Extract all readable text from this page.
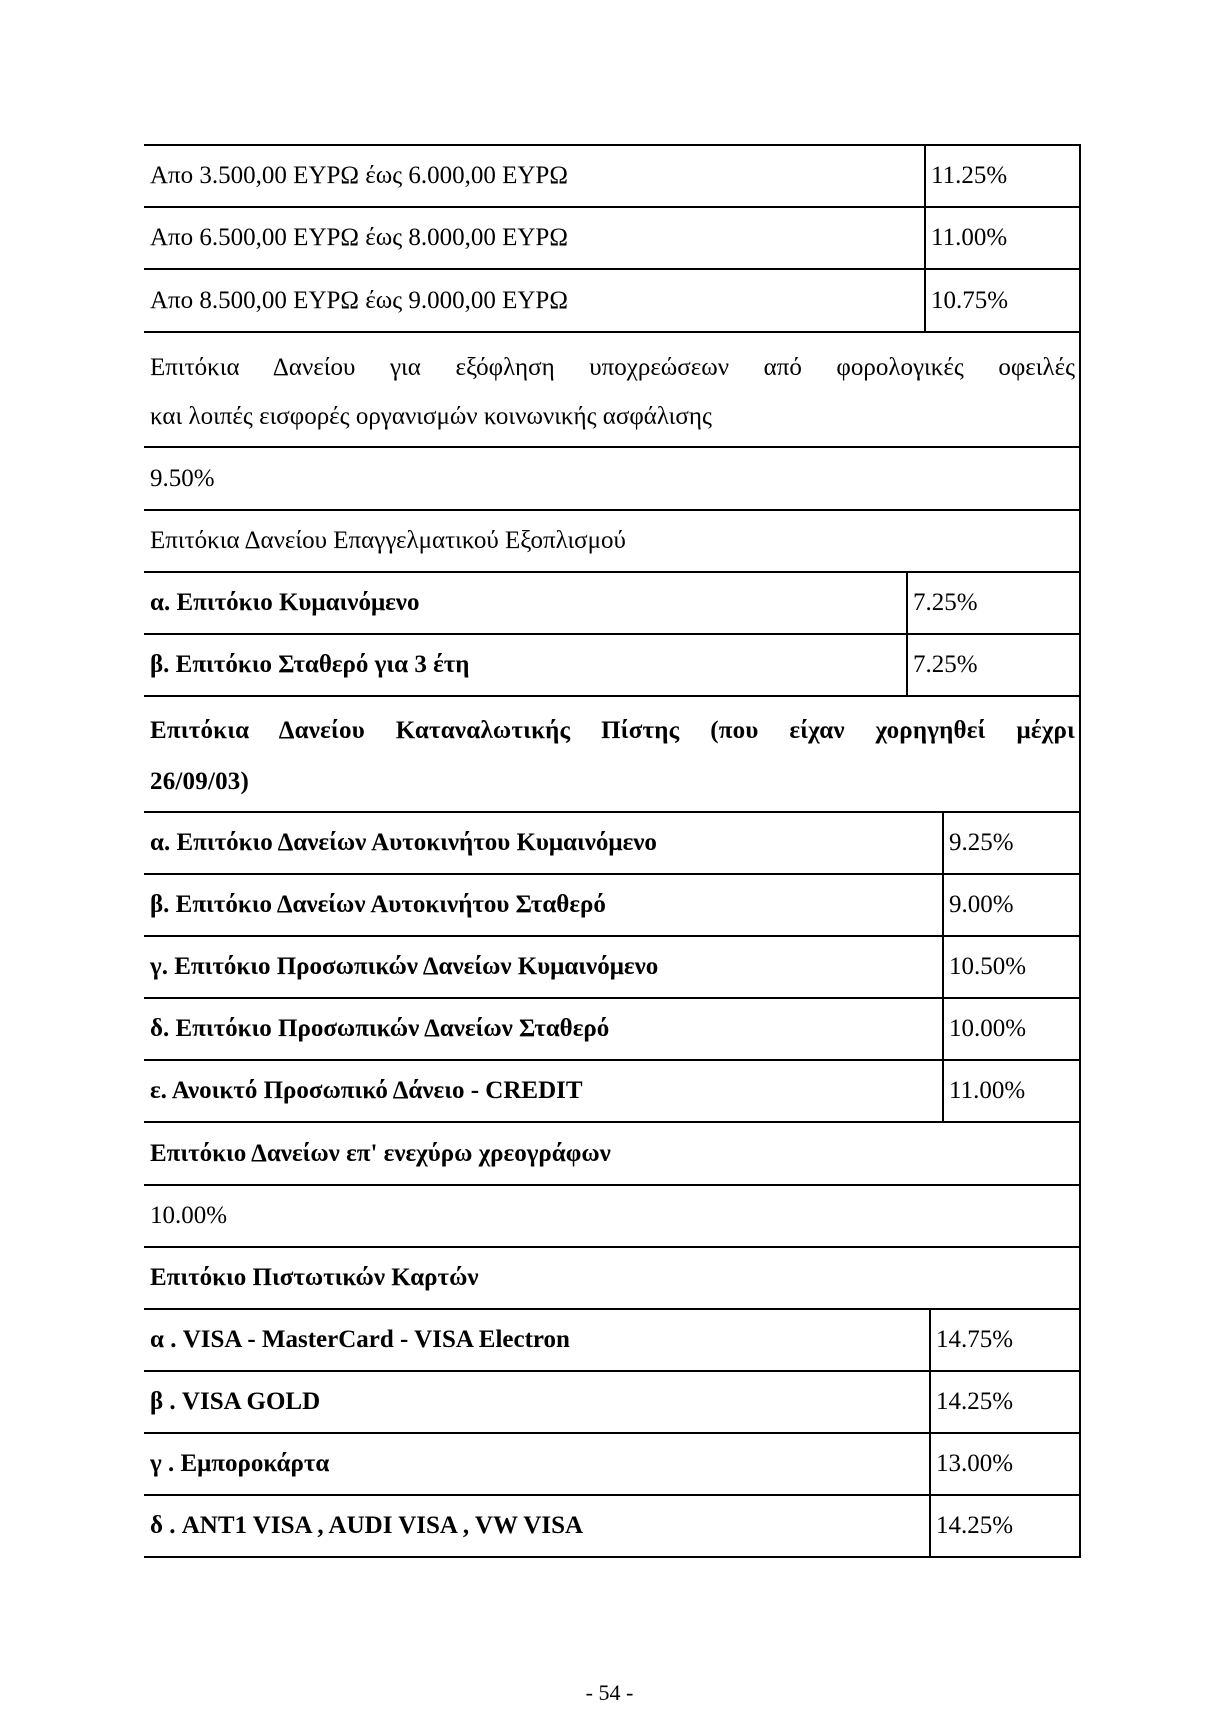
Απο 3.500,00 ΕΥΡΩ έως 6.000,00 ΕΥΡΩ	11.25%
Απο 6.500,00 ΕΥΡΩ έως 8.000,00 ΕΥΡΩ	11.00%
Απο 8.500,00 ΕΥΡΩ έως 9.000,00 ΕΥΡΩ	10.75%
Επιτόκια Δανείου για εξόφληση υποχρεώσεων από φορολογικές οφειλές
και λοιπές εισφορές οργανισμών κοινωνικής ασφάλισης
9.50%
Επιτόκια Δανείου Επαγγελματικού Εξοπλισμού
α. Επιτόκιο Κυμαινόμενο	7.25%
β. Επιτόκιο Σταθερό για 3 έτη	7.25%
Επιτόκια Δανείου Καταναλωτικής Πίστης (που είχαν χορηγηθεί μέχρι
26/09/03)
α. Επιτόκιο Δανείων Αυτοκινήτου Κυμαινόμενο	9.25%
β. Επιτόκιο Δανείων Αυτοκινήτου Σταθερό	9.00%
γ. Επιτόκιο Προσωπικών Δανείων Κυμαινόμενο	10.50%
δ. Επιτόκιο Προσωπικών Δανείων Σταθερό	10.00%
ε. Ανοικτό Προσωπικό Δάνειο - CREDIT	11.00%
Επιτόκιο Δανείων επ' ενεχύρω χρεογράφων
10.00%
Επιτόκιο Πιστωτικών Καρτών
α . VISA - MasterCard - VISA Electron	14.75%
β . VISA GOLD	14.25%
γ . Εμπορoκάρτα	13.00%
δ . ANT1 VISA , AUDI VISA , VW VISA	14.25%
- 54 -
